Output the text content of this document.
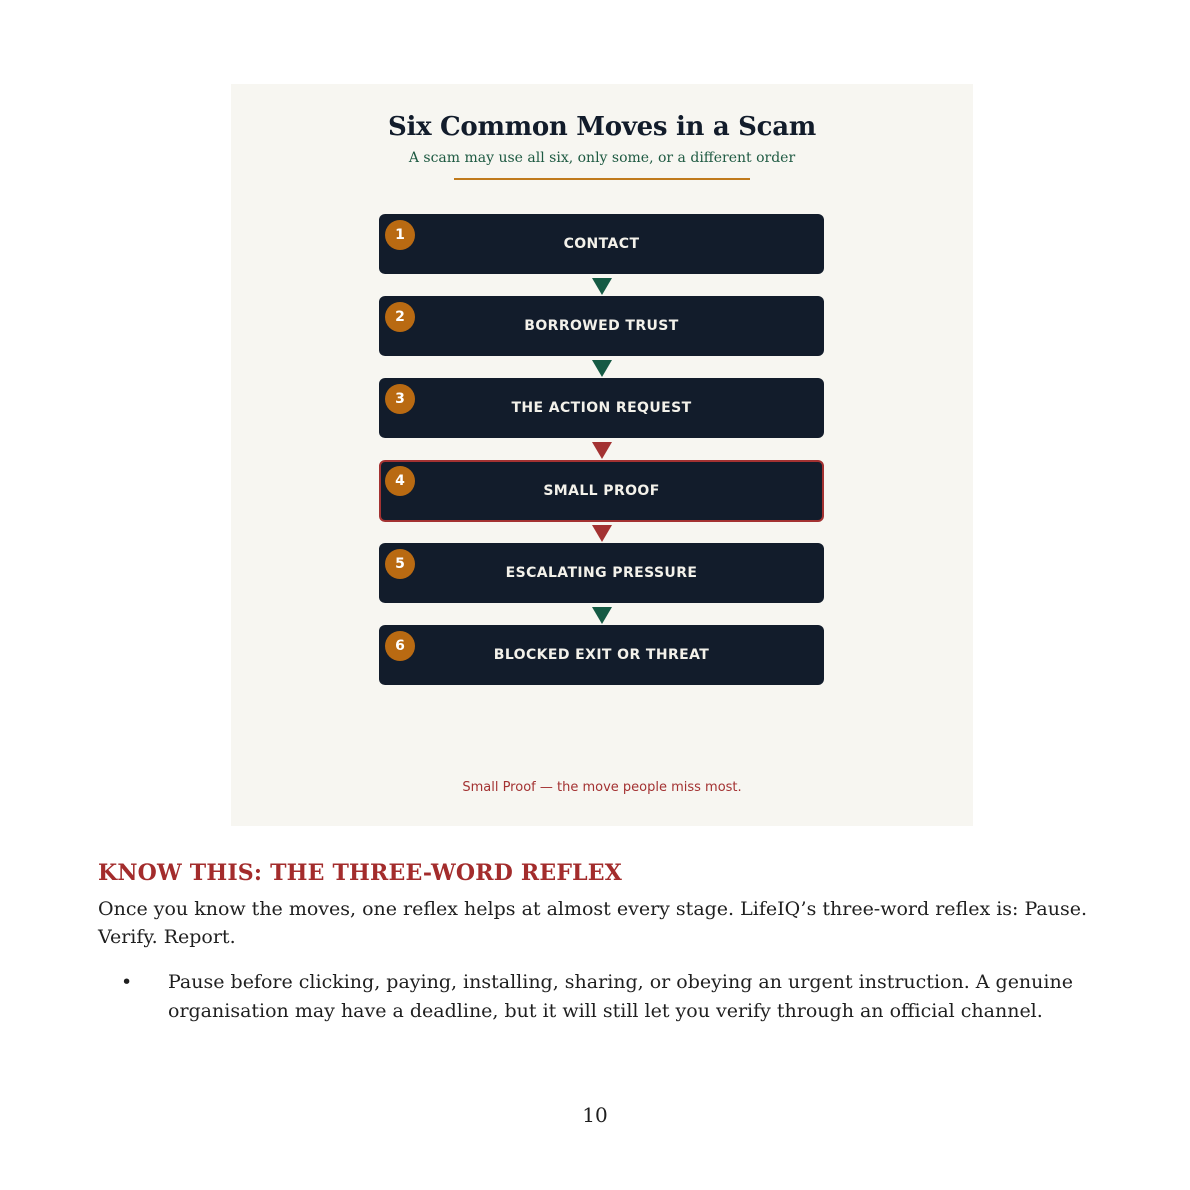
Six Common Moves in a Scam
A scam may use all six, only some, or a different order
1
CONTACT
2
BORROWED TRUST
3
THE ACTION REQUEST
4
SMALL PROOF
5
ESCALATING PRESSURE
6
BLOCKED EXIT OR THREAT
Small Proof — the move people miss most.
KNOW THIS: THE THREE-WORD REFLEX
Once you know the moves, one reflex helps at almost every stage. LifeIQ’s three-word reflex is: Pause. Verify. Report.
• Pause before clicking, paying, installing, sharing, or obeying an urgent instruction. A genuine organisation may have a deadline, but it will still let you verify through an official channel.
10
